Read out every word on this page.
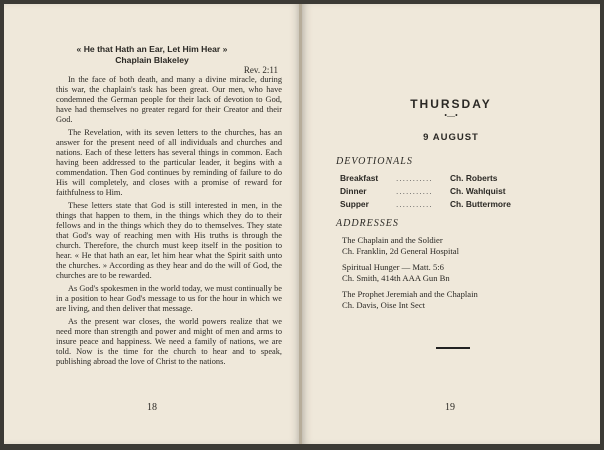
« He that Hath an Ear, Let Him Hear »
Chaplain Blakeley
Rev. 2:11

In the face of both death, and many a divine miracle, during this war, the chaplain's task has been great. Our men, who have condemned the German people for their lack of devotion to God, have had themselves no greater regard for their Creator and their God.

The Revelation, with its seven letters to the churches, has an answer for the present need of all individuals and churches and nations. Each of these letters has several things in common. Each having been addressed to the particular leader, it begins with a commendation. Then God continues by reminding of failure to do His will completely, and closes with a promise of reward for faithfulness to Him.

These letters state that God is still interested in men, in the things that happen to them, in the things which they do to their fellows and in the things which they do to themselves. They state that God's way of reaching men with His truths is through the church. Therefore, the church must keep itself in the position to hear. « He that hath an ear, let him hear what the Spirit saith unto the churches. » According as they hear and do the will of God, the churches are to be rewarded.

As God's spokesmen in the world today, we must continually be in a position to hear God's message to us for the hour in which we are living, and then deliver that message.

As the present war closes, the world powers realize that we need more than strength and power and might of men and arms to insure peace and happiness. We need a family of nations, we are told. Now is the time for the church to hear and to speak, publishing abroad the love of Christ to the nations.

18
THURSDAY
•—•
9 AUGUST
DEVOTIONALS
Breakfast ........... Ch. Roberts
Dinner	........... Ch. Wahlquist
Supper	........... Ch. Buttermore
ADDRESSES
The Chaplain and the Soldier
Ch. Franklin, 2d General Hospital
Spiritual Hunger — Matt. 5:6
Ch. Smith, 414th AAA Gun Bn
The Prophet Jeremiah and the Chaplain
Ch. Davis, Oise Int Sect
19
